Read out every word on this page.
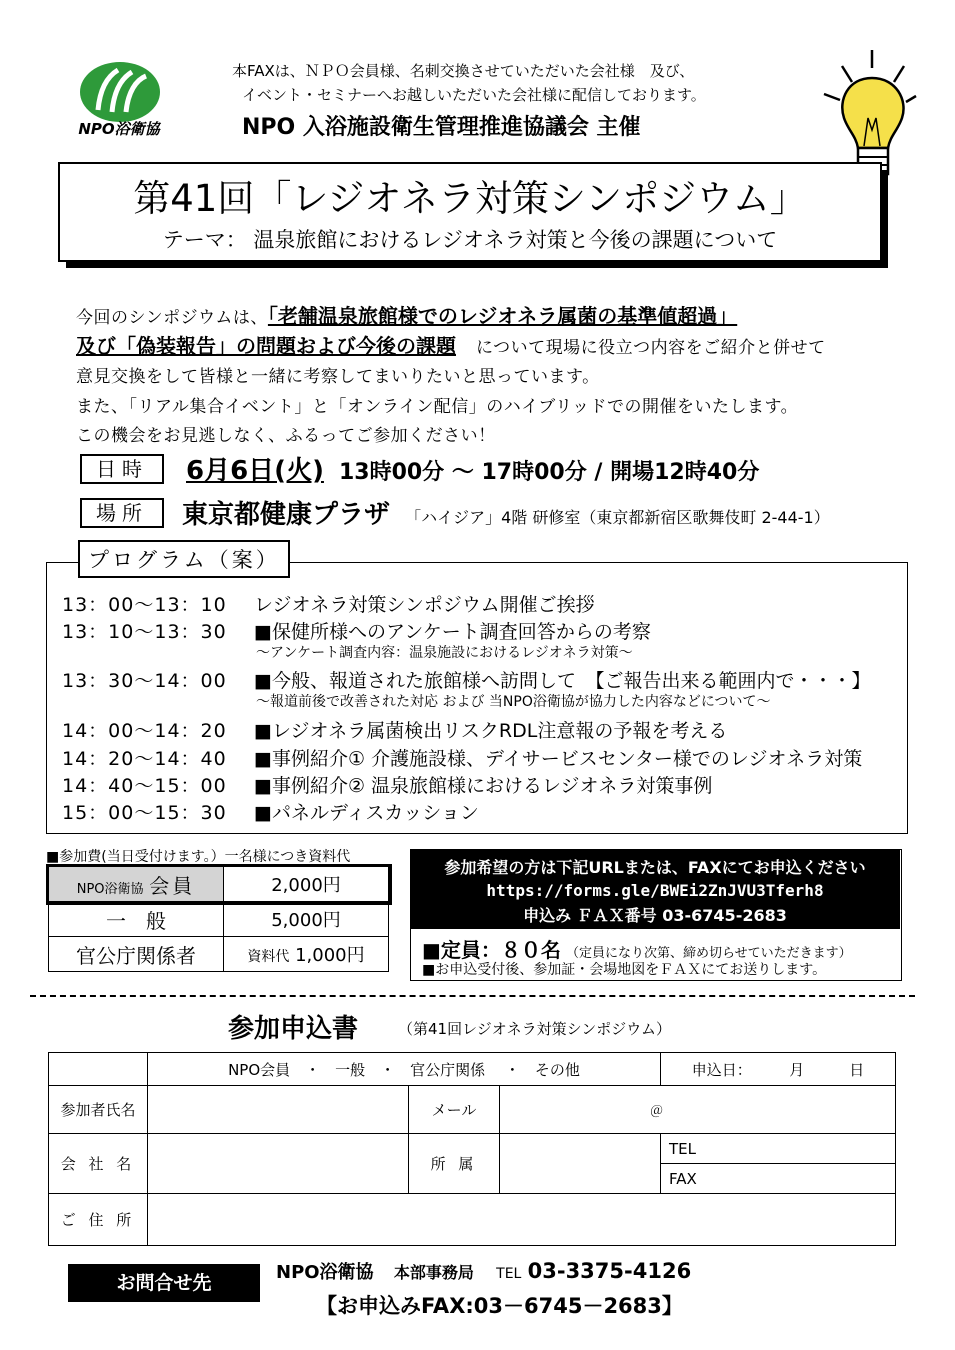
NPO浴衛協
本FAXは、ＮＰＯ会員様、名刺交換させていただいた会社様　及び、
イベント・セミナーへお越しいただいた会社様に配信しております。
NPO 入浴施設衛生管理推進協議会 主催
第41回「レジオネラ対策シンポジウム」
テーマ： 温泉旅館におけるレジオネラ対策と今後の課題について
今回のシンポジウムは、「老舗温泉旅館様でのレジオネラ属菌の基準値超過」
及び「偽装報告」の問題および今後の課題 について現場に役立つ内容をご紹介と併せて
意見交換をして皆様と一緒に考察してまいりたいと思っています。
また、「リアル集合イベント」と「オンライン配信」のハイブリッドでの開催をいたします。
この機会をお見逃しなく、ふるってご参加ください！
日時	6月6日(火) 13時00分 ～ 17時00分 / 開場12時40分
場所	東京都健康プラザ 「ハイジア」4階 研修室（東京都新宿区歌舞伎町 2-44-1）
プログラム（案）
13：00～13：10 レジオネラ対策シンポジウム開催ご挨拶
13：10～13：30 ■保健所様へのアンケート調査回答からの考察
～アンケート調査内容：温泉施設におけるレジオネラ対策～
13：30～14：00 ■今般、報道された旅館様へ訪問して　【ご報告出来る範囲内で・・・】
～報道前後で改善された対応 および 当NPO浴衛協が協力した内容などについて～
14：00～14：20 ■レジオネラ属菌検出リスクRDL注意報の予報を考える
14：20～14：40 ■事例紹介① 介護施設様、デイサービスセンター様でのレジオネラ対策
14：40～15：00 ■事例紹介② 温泉旅館様におけるレジオネラ対策事例
15：00～15：30 ■パネルディスカッション
■参加費(当日受付けます。）一名様につき資料代
NPO浴衛協 会員	2,000円
一　般	5,000円
官公庁関係者	資料代 1,000円
参加希望の方は下記URLまたは、FAXにてお申込ください
https://forms.gle/BWEi2ZnJVU3Tferh8
申込み ＦＡＸ番号 03-6745-2683
■定員：８０名 （定員になり次第、締め切らせていただきます）
■お申込受付後、参加証・会場地図をＦＡＸにてお送りします。
参加申込書	（第41回レジオネラ対策シンポジウム）
	NPO会員　・　一般　・　官公庁関係　 ・　その他			申込日：　　　月　　　日
参加者氏名		メール	＠	
会 社 名		所 属		TEL
				FAX
ご 住 所				
お問合せ先	NPO浴衛協 本部事務局 TEL 03-3375-4126
【お申込みFAX:03－6745－2683】
